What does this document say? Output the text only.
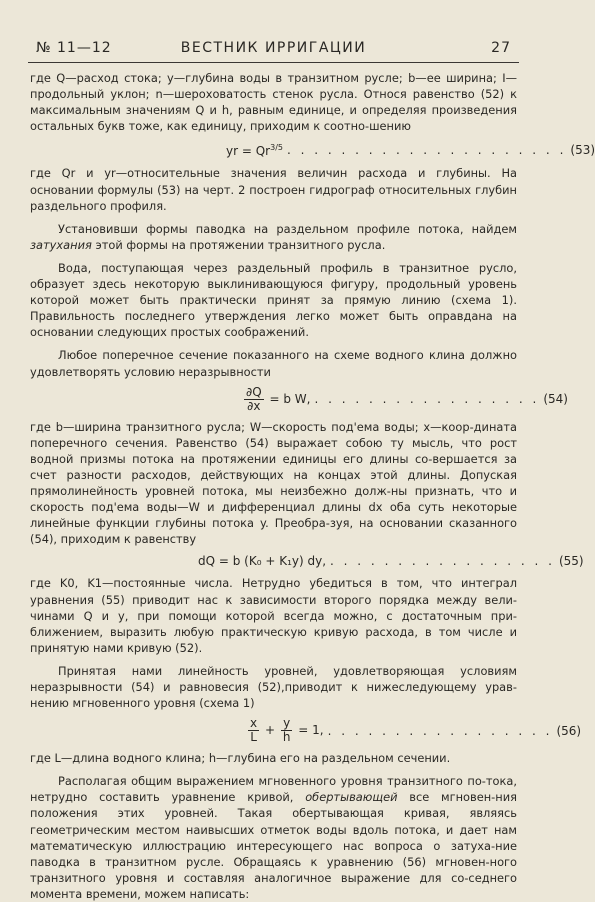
№ 11—12	ВЕСТНИК ИРРИГАЦИИ	27

где Q—расход стока; y—глубина воды в транзитном русле; b—ее ширина; I—продольный уклон; n—шероховатость стенок русла. Относя равенство (52) к максимальным значениям Q и h, равным единице, и определяя произведения остальных букв тоже, как единицу, приходим к соотно-шению

yr = $Qr^{3/5}$ . . . . . . . . . . . . . . . . . . . . . (53)

где Qr и yr—относительные значения величин расхода и глубины. На основании формулы (53) на черт. 2 построен гидрограф относительных глубин раздельного профиля.

Установивши формы паводка на раздельном профиле потока, найдем затухания этой формы на протяжении транзитного русла.

Вода, поступающая через раздельный профиль в транзитное русло, образует здесь некоторую выклинивающуюся фигуру, продольный уровень которой может быть практически принят за прямую линию (схема 1). Правильность последнего утверждения легко может быть оправдана на основании следующих простых соображений.

Любое поперечное сечение показанного на схеме водного клина должно удовлетворять условию неразрывности

$\frac{\partial Q}{\partial x} = b$ W, . . . . . . . . . . . . . . . . . (54)

где b—ширина транзитного русла; W—скорость под'ема воды; x—коор-дината поперечного сечения. Равенство (54) выражает собою ту мысль, что рост водной призмы потока на протяжении единицы его длины со-вершается за счет разности расходов, действующих на концах этой длины. Допуская прямолинейность уровней потока, мы неизбежно долж-ны признать, что и скорость под'ема воды—W и дифференциал длины dx оба суть некоторые линейные функции глубины потока y. Преобра-зуя, на основании сказанного (54), приходим к равенству

dQ = b (K₀ + K₁y) dy, . . . . . . . . . . . . . . . . . (55)

где K0, K1—постоянные числа. Нетрудно убедиться в том, что интеграл уравнения (55) приводит нас к зависимости второго порядка между вели-чинами Q и y, при помощи которой всегда можно, с достаточным при-ближением, выразить любую практическую кривую расхода, в том числе и принятую нами кривую (52).

Принятая нами линейность уровней, удовлетворяющая условиям неразрывности (54) и равновесия (52),приводит к нижеследующему урав-нению мгновенного уровня (схема 1)

$\frac{x}{L} + \frac{y}{h} = 1$, . . . . . . . . . . . . . . . . . (56)

где L—длина водного клина; h—глубина его на раздельном сечении.

Располагая общим выражением мгновенного уровня транзитного по-тока, нетрудно составить уравнение кривой, обертывающей все мгновен-ния положения этих уровней. Такая обертывающая кривая, являясь геометрическим местом наивысших отметок воды вдоль потока, и дает нам математическую иллюстрацию интересующего нас вопроса о затуха-ние паводка в транзитном русле. Обращаясь к уравнению (56) мгновен-ного транзитного уровня и составляя аналогичное выражение для со-седнего момента времени, можем написать:
